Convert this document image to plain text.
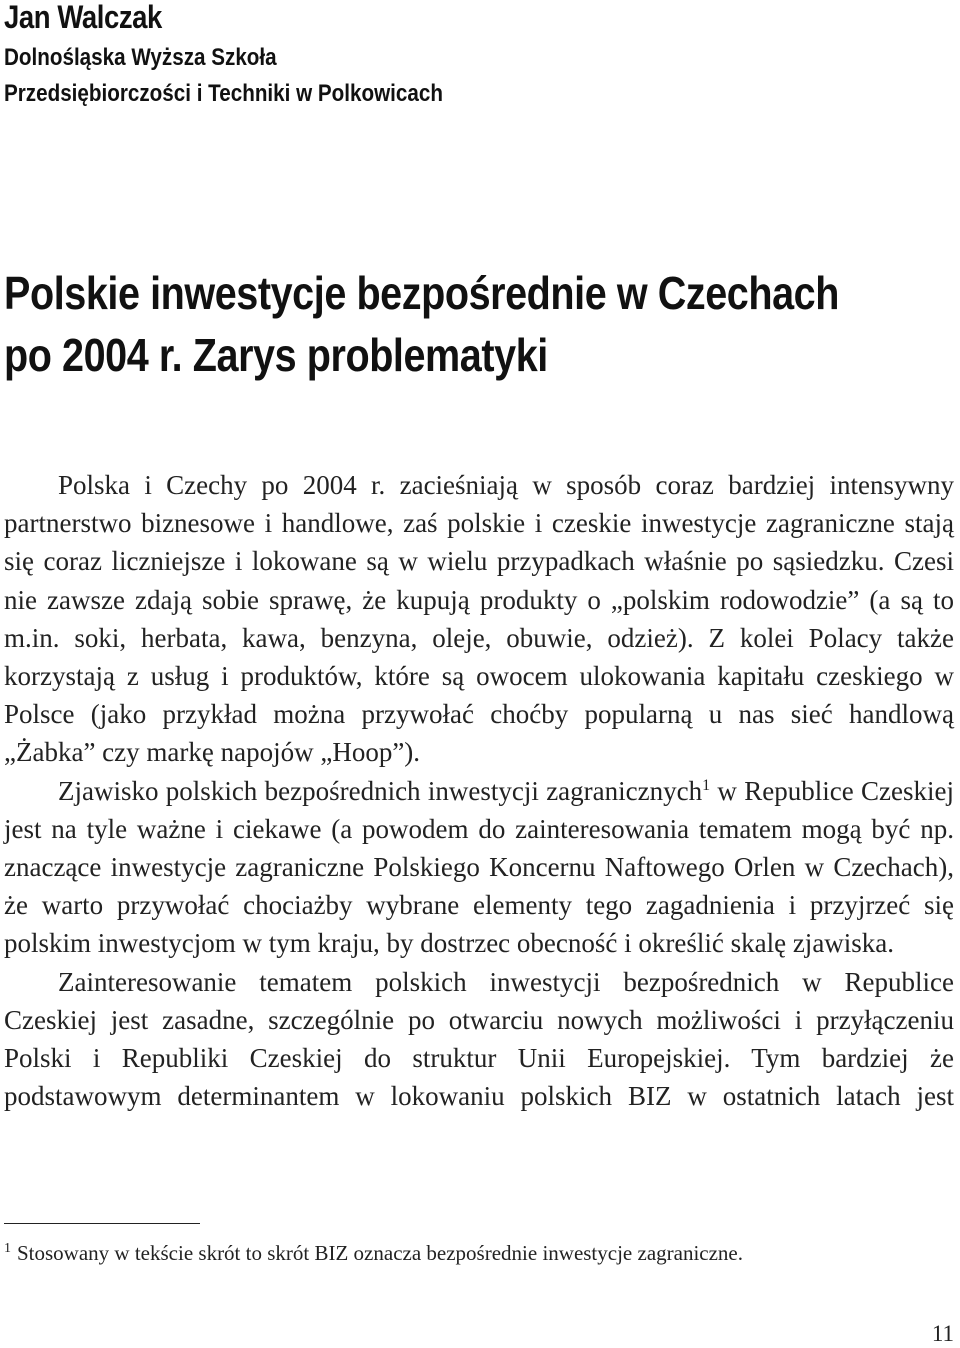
Jan Walczak
Dolnośląska Wyższa Szkoła
Przedsiębiorczości i Techniki w Polkowicach
Polskie inwestycje bezpośrednie w Czechach
po 2004 r. Zarys problematyki

Polska i Czechy po 2004 r. zacieśniają w sposób coraz bardziej intensywny partnerstwo biznesowe i handlowe, zaś polskie i czeskie inwestycje zagraniczne stają się coraz liczniejsze i lokowane są w wielu przypadkach właśnie po sąsiedzku. Czesi nie zawsze zdają sobie sprawę, że kupują produkty o „polskim rodowodzie” (a są to m.in. soki, herbata, kawa, benzyna, oleje, obuwie, odzież). Z kolei Polacy także korzystają z usług i produktów, które są owocem ulokowania kapitału czeskiego w Polsce (jako przykład można przywołać choćby popularną u nas sieć handlową „Żabka” czy markę napojów „Hoop”).

Zjawisko polskich bezpośrednich inwestycji zagranicznych$^1$ w Republice Czeskiej jest na tyle ważne i ciekawe (a powodem do zainteresowania tematem mogą być np. znaczące inwestycje zagraniczne Polskiego Koncernu Naftowego Orlen w Czechach), że warto przywołać chociażby wybrane elementy tego zagadnienia i przyjrzeć się polskim inwestycjom w tym kraju, by dostrzec obecność i określić skalę zjawiska.

Zainteresowanie tematem polskich inwestycji bezpośrednich w Republice Czeskiej jest zasadne, szczególnie po otwarciu nowych możliwości i przyłączeniu Polski i Republiki Czeskiej do struktur Unii Europejskiej. Tym bardziej że podstawowym determinantem w lokowaniu polskich BIZ w ostatnich latach jest

$^1$ Stosowany w tekście skrót to skrót BIZ oznacza bezpośrednie inwestycje zagraniczne.
11
